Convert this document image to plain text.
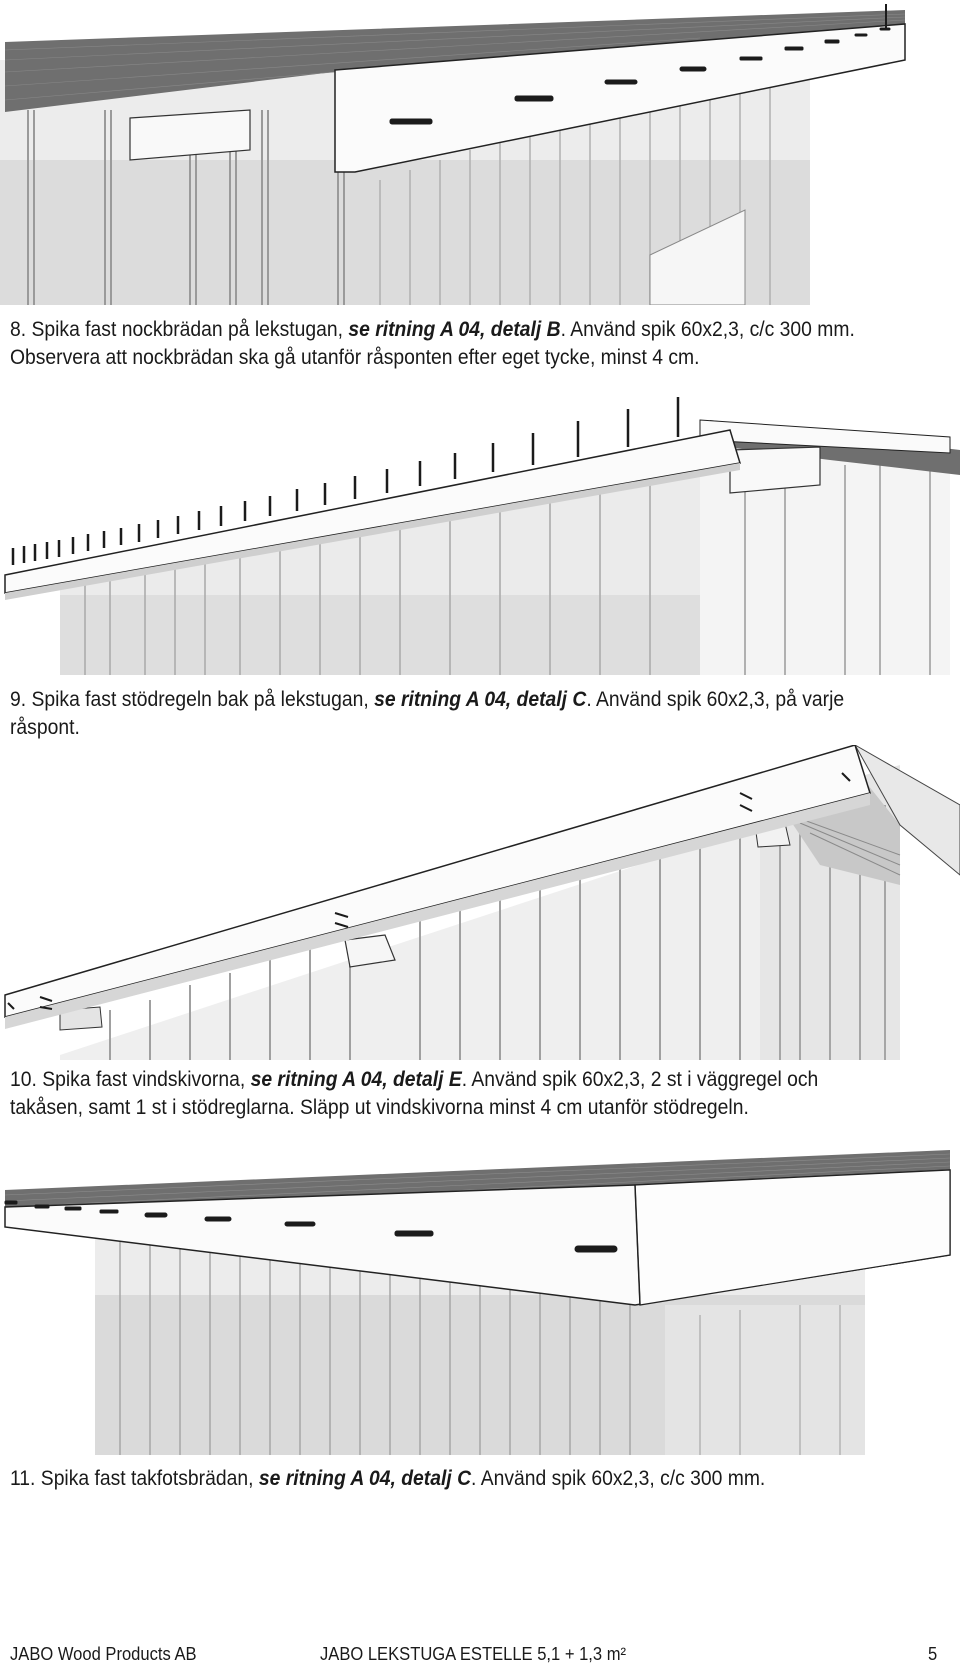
8. Spika fast nockbrädan på lekstugan, se ritning A 04, detalj B. Använd spik 60x2,3, c/c 300 mm. Observera att nockbrädan ska gå utanför råsponten efter eget tycke, minst 4 cm.
9. Spika fast stödregeln bak på lekstugan, se ritning A 04, detalj C. Använd spik 60x2,3, på varje råspont.
10. Spika fast vindskivorna, se ritning A 04, detalj E. Använd spik 60x2,3, 2 st i väggregel och takåsen, samt 1 st i stödreglarna. Släpp ut vindskivorna minst 4 cm utanför stödregeln.
11. Spika fast takfotsbrädan, se ritning A 04, detalj C. Använd spik 60x2,3, c/c 300 mm.
JABO Wood Products AB	JABO LEKSTUGA ESTELLE 5,1 + 1,3 m²	5
